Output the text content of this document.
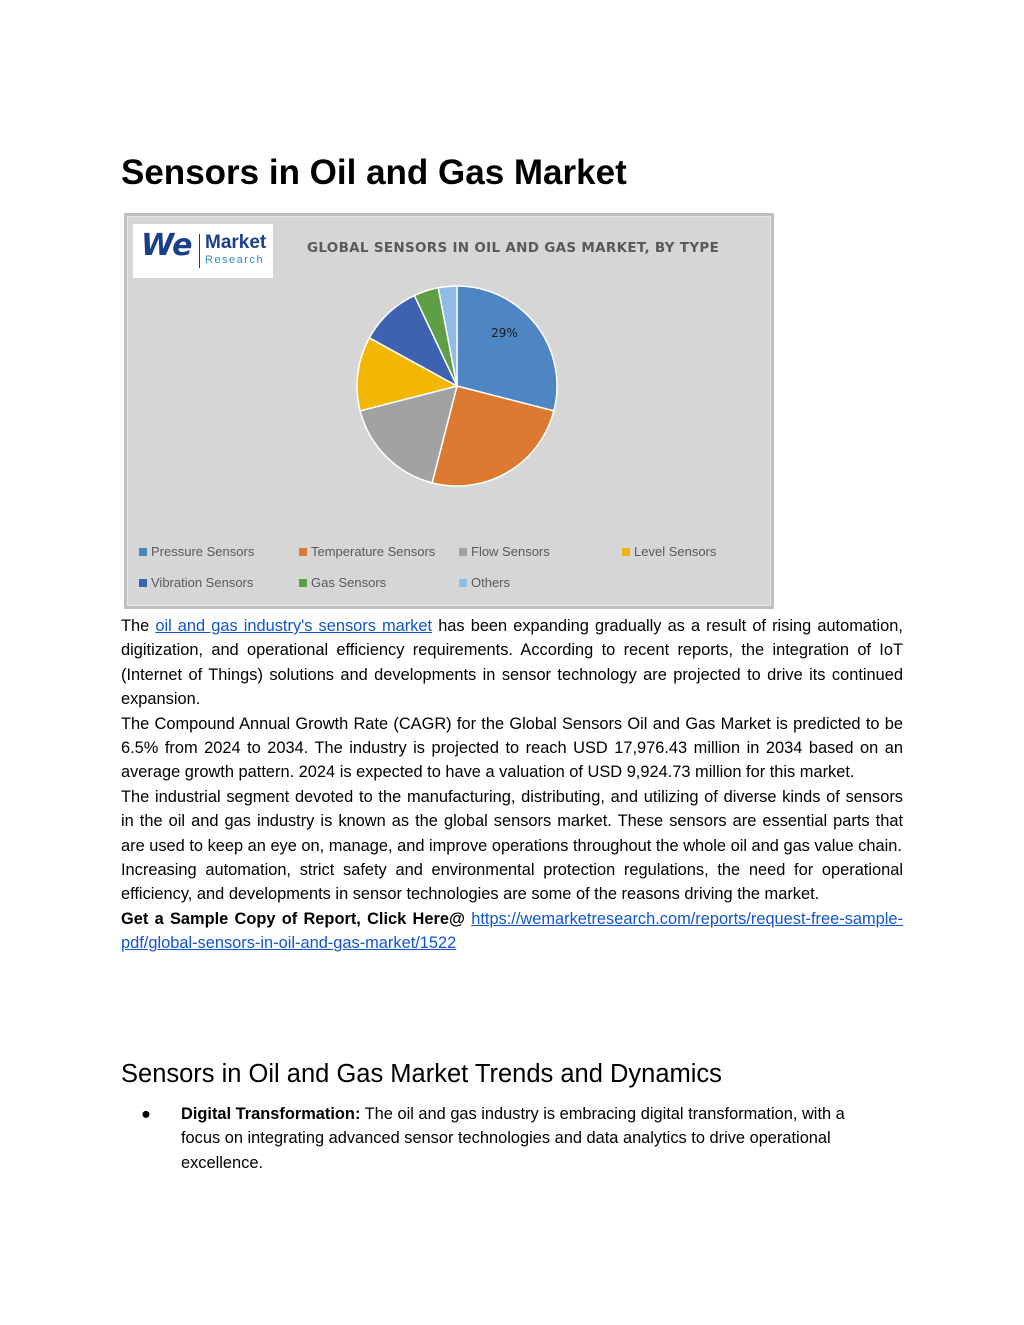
Sensors in Oil and Gas Market
We Market
Research
GLOBAL SENSORS IN OIL AND GAS MARKET, BY TYPE
29%
Pressure Sensors	Temperature Sensors	Flow Sensors	Level Sensors
Vibration Sensors	Gas Sensors	Others

The oil and gas industry's sensors market has been expanding gradually as a result of rising automation, digitization, and operational efficiency requirements. According to recent reports, the integration of IoT (Internet of Things) solutions and developments in sensor technology are projected to drive its continued expansion.

The Compound Annual Growth Rate (CAGR) for the Global Sensors Oil and Gas Market is predicted to be 6.5% from 2024 to 2034. The industry is projected to reach USD 17,976.43 million in 2034 based on an average growth pattern. 2024 is expected to have a valuation of USD 9,924.73 million for this market.

The industrial segment devoted to the manufacturing, distributing, and utilizing of diverse kinds of sensors in the oil and gas industry is known as the global sensors market. These sensors are essential parts that are used to keep an eye on, manage, and improve operations throughout the whole oil and gas value chain.

Increasing automation, strict safety and environmental protection regulations, the need for operational efficiency, and developments in sensor technologies are some of the reasons driving the market.

Get a Sample Copy of Report, Click Here@ https://wemarketresearch.com/reports/request-free-sample-pdf/global-sensors-in-oil-and-gas-market/1522

Sensors in Oil and Gas Market Trends and Dynamics
● Digital Transformation: The oil and gas industry is embracing digital transformation, with a focus on integrating advanced sensor technologies and data analytics to drive operational excellence.
